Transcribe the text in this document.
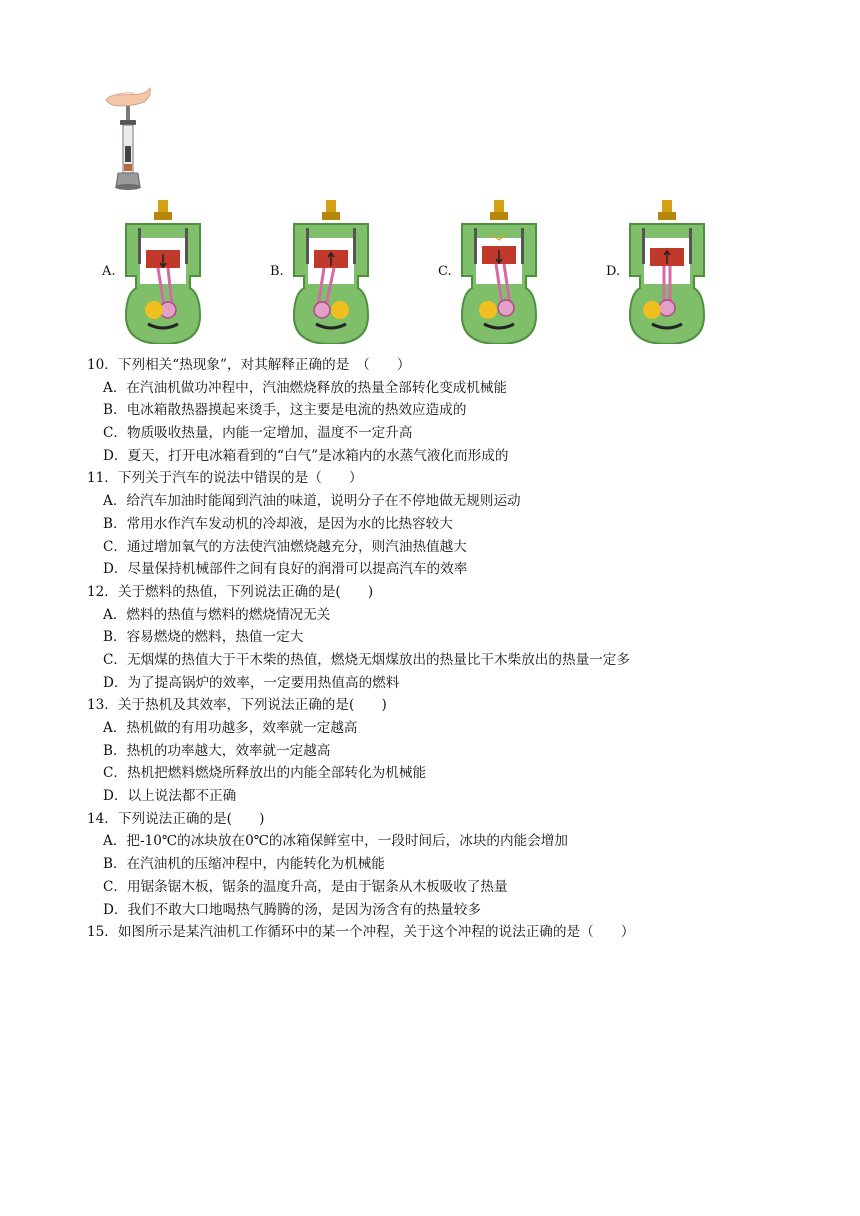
A.	B.	C.	D.
10．下列相关“热现象”，对其解释正确的是　（　　）
A．在汽油机做功冲程中，汽油燃烧释放的热量全部转化变成机械能
B．电冰箱散热器摸起来烫手，这主要是电流的热效应造成的
C．物质吸收热量，内能一定增加，温度不一定升高
D．夏天，打开电冰箱看到的“白气”是冰箱内的水蒸气液化而形成的
11．下列关于汽车的说法中错误的是（　　）
A．给汽车加油时能闻到汽油的味道，说明分子在不停地做无规则运动
B．常用水作汽车发动机的冷却液，是因为水的比热容较大
C．通过增加氧气的方法使汽油燃烧越充分，则汽油热值越大
D．尽量保持机械部件之间有良好的润滑可以提高汽车的效率
12．关于燃料的热值，下列说法正确的是(　　)
A．燃料的热值与燃料的燃烧情况无关
B．容易燃烧的燃料，热值一定大
C．无烟煤的热值大于干木柴的热值，燃烧无烟煤放出的热量比干木柴放出的热量一定多
D．为了提高锅炉的效率，一定要用热值高的燃料
13．关于热机及其效率，下列说法正确的是(　　)
A．热机做的有用功越多，效率就一定越高
B．热机的功率越大，效率就一定越高
C．热机把燃料燃烧所释放出的内能全部转化为机械能
D．以上说法都不正确
14．下列说法正确的是(　　)
A．把-10℃的冰块放在0℃的冰箱保鲜室中，一段时间后，冰块的内能会增加
B．在汽油机的压缩冲程中，内能转化为机械能
C．用锯条锯木板，锯条的温度升高，是由于锯条从木板吸收了热量
D．我们不敢大口地喝热气腾腾的汤，是因为汤含有的热量较多
15．如图所示是某汽油机工作循环中的某一个冲程，关于这个冲程的说法正确的是（　　）
